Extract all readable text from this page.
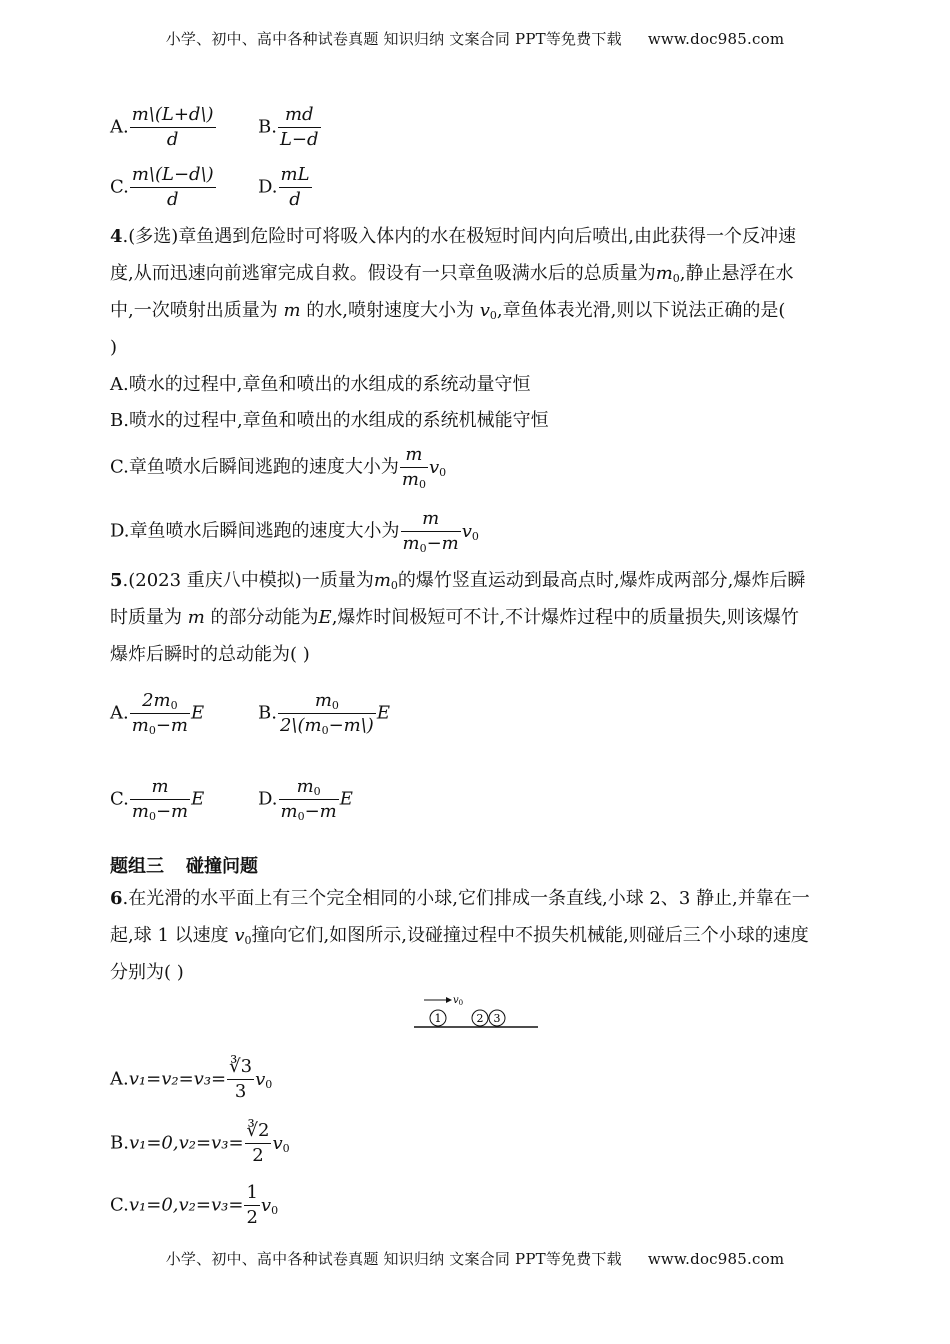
小学、初中、高中各种试卷真题 知识归纳 文案合同 PPT等免费下载 www.doc985.com
A. $\frac{m\backslash(L+d\backslash)}{d} B$. $\frac{md}{L-d}$
C. $\frac{m\backslash(L-d\backslash)}{d} D$. $\frac{mL}{d}$
4.(多选)章鱼遇到危险时可将吸入体内的水在极短时间内向后喷出,由此获得一个反冲速
度,从而迅速向前逃窜完成自救。假设有一只章鱼吸满水后的总质量为$m_0$,静止悬浮在水
中,一次喷射出质量为 m 的水,喷射速度大小为 $v_0$,章鱼体表光滑,则以下说法正确的是(
)
A.喷水的过程中,章鱼和喷出的水组成的系统动量守恒
B.喷水的过程中,章鱼和喷出的水组成的系统机械能守恒
C.章鱼喷水后瞬间逃跑的速度大小为 $\frac{m}{m_0} v_0$
D.章鱼喷水后瞬间逃跑的速度大小为 $\frac{m}{m_0-m} v_0$
5.(2023 重庆八中模拟)一质量为$m_0$的爆竹竖直运动到最高点时,爆炸成两部分,爆炸后瞬
时质量为 m 的部分动能为E,爆炸时间极短可不计,不计爆炸过程中的质量损失,则该爆竹
爆炸后瞬时的总动能为( )
A. $\frac{2m_0}{m_0-m}$ E	B. $\frac{m_0}{2\backslash(m_0-m\backslash)}$ E
C. $\frac{m}{m_0-m}$ E	D. $\frac{m_0}{m_0-m}$ E
题组三 碰撞问题
6.在光滑的水平面上有三个完全相同的小球,它们排成一条直线,小球 2、3 静止,并靠在一
起,球 1 以速度 $v_0$撞向它们,如图所示,设碰撞过程中不损失机械能,则碰后三个小球的速度
分别为( )
$v_0$
1	2 3
$A.v_1=v_2=v_3= \frac{∛3}{3} v_0$
$B.v_1=0,v_2=v_3= \frac{∛2}{2} v_0$
$C.v_1=0,v_2=v_3= \frac{1}{2} v_0$
小学、初中、高中各种试卷真题 知识归纳 文案合同 PPT等免费下载 www.doc985.com
